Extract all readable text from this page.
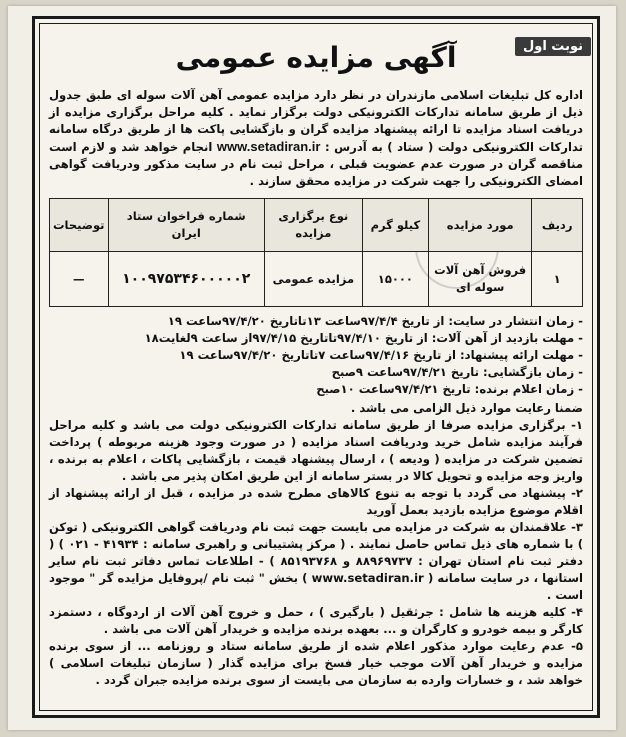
نوبت اول
آگهی مزایده عمومی

اداره کل تبلیغات اسلامی مازندران در نظر دارد مزایده عمومی آهن آلات سوله ای طبق جدول ذیل از طریق سامانه تدارکات الکترونیکی دولت برگزار نماید . کلیه مراحل برگزاری مزایده از دریافت اسناد مزایده تا ارائه پیشنهاد مزایده گران و بازگشایی پاکت ها از طریق درگاه سامانه تدارکات الکترونیکی دولت ( ستاد ) به آدرس : www.setadiran.ir انجام خواهد شد و لازم است مناقصه گران در صورت عدم عضویت قبلی ، مراحل ثبت نام در سایت مذکور ودریافت گواهی امضای الکترونیکی را جهت شرکت در مزایده محقق سازند .

ردیف	مورد مزایده	کیلو گرم	نوع برگزاری مزایده	شماره فراخوان ستاد ایران	توضیحات
۱	فروش آهن آلات سوله ای	۱۵۰۰۰	مزایده عمومی	۱۰۰۹۷۵۳۴۶۰۰۰۰۰۲	—
- زمان انتشار در سایت: از تاریخ ۹۷/۴/۴ساعت ۱۳تاتاریخ ۹۷/۴/۲۰ساعت ۱۹
- مهلت بازدید از آهن آلات: از تاریخ ۹۷/۴/۱۰تاتاریخ ۹۷/۴/۱۵از ساعت ۹لغایت۱۸
- مهلت ارائه پیشنهاد: از تاریخ ۹۷/۴/۱۶ساعت ۷تاتاریخ ۹۷/۴/۲۰ساعت ۱۹
- زمان بازگشایی: تاریخ ۹۷/۴/۲۱ساعت ۹صبح
- زمان اعلام برنده: تاریخ ۹۷/۴/۲۱ساعت ۱۰صبح

ضمنا رعایت موارد ذیل الزامی می باشد .

۱- برگزاری مزایده صرفا از طریق سامانه تدارکات الکترونیکی دولت می باشد و کلیه مراحل فرآیند مزایده شامل خرید ودریافت اسناد مزایده ( در صورت وجود هزینه مربوطه ) پرداخت تضمین شرکت در مزایده ( ودیعه ) ، ارسال پیشنهاد قیمت ، بازگشایی پاکات ، اعلام به برنده ، واریز وجه مزایده و تحویل کالا در بستر سامانه از این طریق امکان پذیر می باشد .

۲- پیشنهاد می گردد با توجه به تنوع کالاهای مطرح شده در مزایده ، قبل از ارائه پیشنهاد از اقلام موضوع مزایده بازدید بعمل آورید

۳- علاقمندان به شرکت در مزایده می بایست جهت ثبت نام ودریافت گواهی الکترونیکی ( توکن ) با شماره های ذیل تماس حاصل نمایند . ( مرکز پشتیبانی و راهبری سامانه : ۴۱۹۳۴ - ۰۲۱ ) ( دفتر ثبت نام استان تهران : ۸۸۹۶۹۷۳۷ و ۸۵۱۹۳۷۶۸ ) - اطلاعات تماس دفاتر ثبت نام سایر استانها ، در سایت سامانه ( www.setadiran.ir ) بخش " ثبت نام /پروفایل مزایده گر " موجود است .

۴- کلیه هزینه ها شامل : جرثقیل ( بارگیری ) ، حمل و خروج آهن آلات از اردوگاه ، دستمزد کارگر و بیمه خودرو و کارگران و ... بعهده برنده مزایده و خریدار آهن آلات می باشد .

۵- عدم رعایت موارد مذکور اعلام شده از طریق سامانه ستاد و روزنامه ... از سوی برنده مزایده و خریدار آهن آلات موجب خیار فسخ برای مزایده گذار ( سازمان تبلیغات اسلامی ) خواهد شد ، و خسارات وارده به سازمان می بایست از سوی برنده مزایده جبران گردد .
